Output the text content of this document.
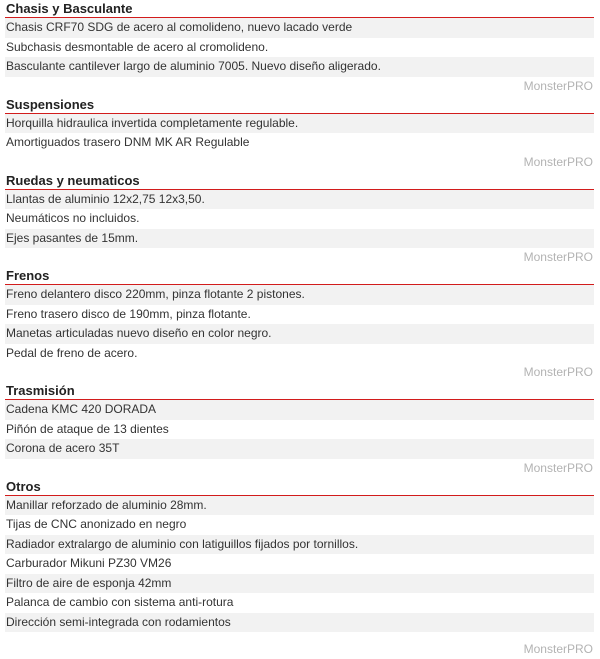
Chasis y Basculante
Chasis CRF70 SDG de acero al comolideno, nuevo lacado verde
Subchasis desmontable de acero al cromolideno.
Basculante cantilever largo de aluminio 7005. Nuevo diseño aligerado.
MonsterPRO
Suspensiones
Horquilla hidraulica invertida completamente regulable.
Amortiguados trasero DNM MK AR Regulable
MonsterPRO
Ruedas y neumaticos
Llantas de aluminio 12x2,75 12x3,50.
Neumáticos no incluidos.
Ejes pasantes de 15mm.
MonsterPRO
Frenos
Freno delantero disco 220mm, pinza flotante 2 pistones.
Freno trasero disco de 190mm, pinza flotante.
Manetas articuladas nuevo diseño en color negro.
Pedal de freno de acero.
MonsterPRO
Trasmisión
Cadena KMC 420 DORADA
Piñón de ataque de 13 dientes
Corona de acero 35T
MonsterPRO
Otros
Manillar reforzado de aluminio 28mm.
Tijas de CNC anonizado en negro
Radiador extralargo de aluminio con latiguillos fijados por tornillos.
Carburador Mikuni PZ30 VM26
Filtro de aire de esponja 42mm
Palanca de cambio con sistema anti-rotura
Dirección semi-integrada con rodamientos
MonsterPRO
